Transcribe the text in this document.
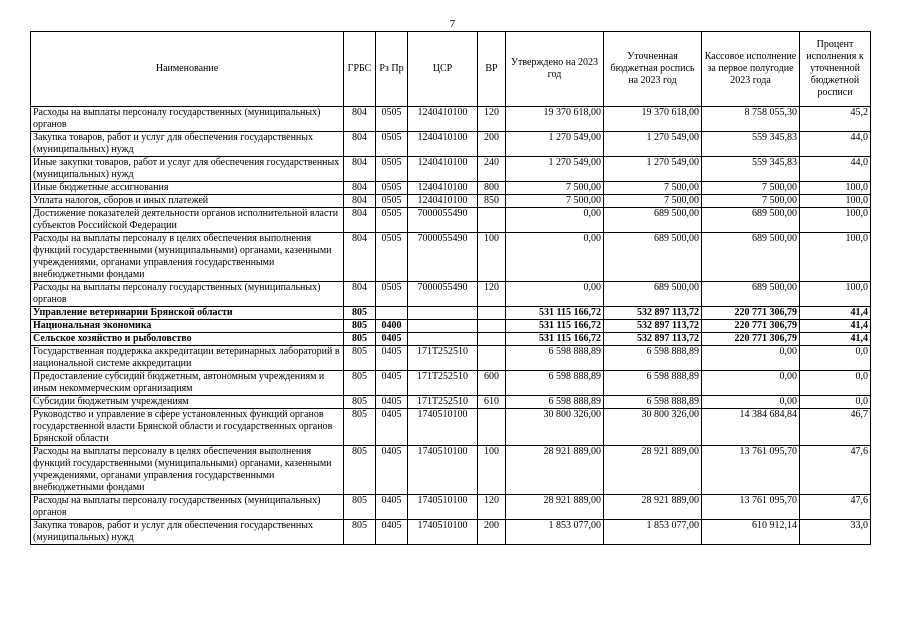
7
Наименование	ГРБС	Рз Пр	ЦСР	ВР	Утверждено на 2023 год	Уточненная бюджетная роспись на 2023 год	Кассовое исполнение за первое полугодие 2023 года	Процент исполнения к уточненной бюджетной росписи
Расходы на выплаты персоналу государственных (муниципальных) органов	804	0505	1240410100	120	19 370 618,00	19 370 618,00	8 758 055,30	45,2
Закупка товаров, работ и услуг для обеспечения государственных (муниципальных) нужд	804	0505	1240410100	200	1 270 549,00	1 270 549,00	559 345,83	44,0
Иные закупки товаров, работ и услуг для обеспечения государственных (муниципальных) нужд	804	0505	1240410100	240	1 270 549,00	1 270 549,00	559 345,83	44,0
Иные бюджетные ассигнования	804	0505	1240410100	800	7 500,00	7 500,00	7 500,00	100,0
Уплата налогов, сборов и иных платежей	804	0505	1240410100	850	7 500,00	7 500,00	7 500,00	100,0
Достижение показателей деятельности органов исполнительной власти субъектов Российской Федерации	804	0505	7000055490		0,00	689 500,00	689 500,00	100,0
Расходы на выплаты персоналу в целях обеспечения выполнения функций государственными (муниципальными) органами, казенными учреждениями, органами управления государственными внебюджетными фондами	804	0505	7000055490	100	0,00	689 500,00	689 500,00	100,0
Расходы на выплаты персоналу государственных (муниципальных) органов	804	0505	7000055490	120	0,00	689 500,00	689 500,00	100,0
Управление ветеринарии Брянской области	805				531 115 166,72	532 897 113,72	220 771 306,79	41,4
Национальная экономика	805	0400			531 115 166,72	532 897 113,72	220 771 306,79	41,4
Сельское хозяйство и рыболовство	805	0405			531 115 166,72	532 897 113,72	220 771 306,79	41,4
Государственная поддержка аккредитации ветеринарных лабораторий в национальной системе аккредитации	805	0405	171T252510		6 598 888,89	6 598 888,89	0,00	0,0
Предоставление субсидий бюджетным, автономным учреждениям и иным некоммерческим организациям	805	0405	171T252510	600	6 598 888,89	6 598 888,89	0,00	0,0
Субсидии бюджетным учреждениям	805	0405	171T252510	610	6 598 888,89	6 598 888,89	0,00	0,0
Руководство и управление в сфере установленных функций органов государственной власти Брянской области и государственных органов Брянской области	805	0405	1740510100		30 800 326,00	30 800 326,00	14 384 684,84	46,7
Расходы на выплаты персоналу в целях обеспечения выполнения функций государственными (муниципальными) органами, казенными учреждениями, органами управления государственными внебюджетными фондами	805	0405	1740510100	100	28 921 889,00	28 921 889,00	13 761 095,70	47,6
Расходы на выплаты персоналу государственных (муниципальных) органов	805	0405	1740510100	120	28 921 889,00	28 921 889,00	13 761 095,70	47,6
Закупка товаров, работ и услуг для обеспечения государственных (муниципальных) нужд	805	0405	1740510100	200	1 853 077,00	1 853 077,00	610 912,14	33,0
